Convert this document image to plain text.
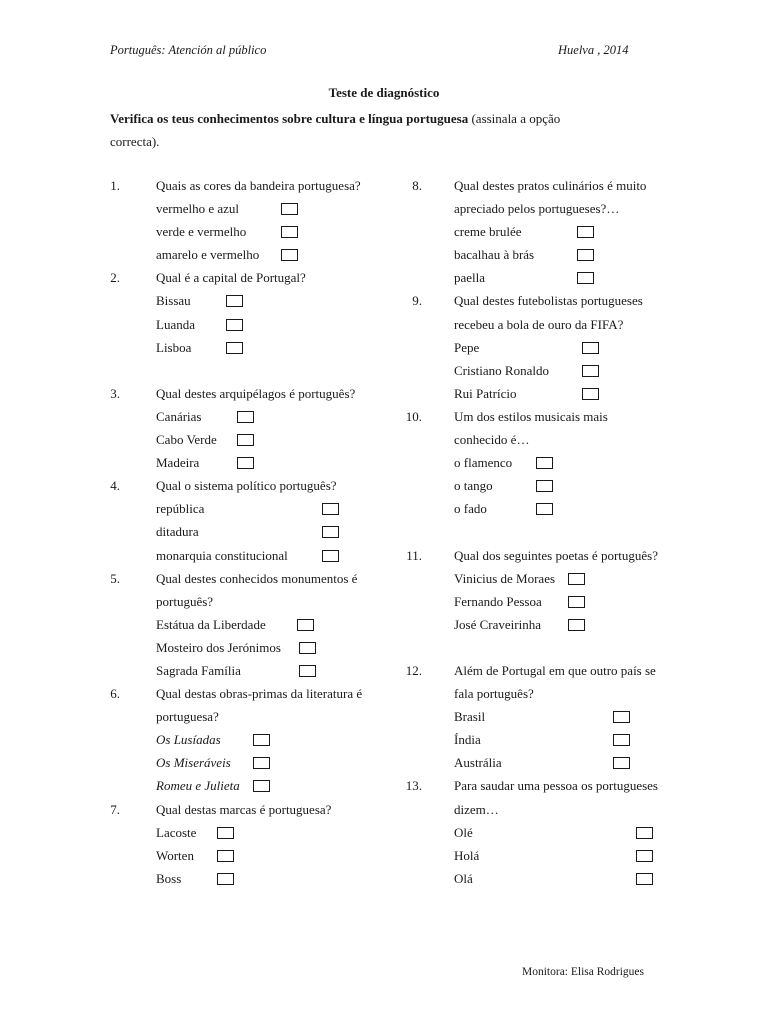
Português: Atención al público	Huelva , 2014
Teste de diagnóstico
Verifica os teus conhecimentos sobre cultura e língua portuguesa (assinala a opção
correcta).
1.	Quais as cores da bandeira portuguesa?
vermelho e azul
verde e vermelho
amarelo e vermelho
2.	Qual é a capital de Portugal?
Bissau
Luanda
Lisboa
3.	Qual destes arquipélagos é português?
Canárias
Cabo Verde
Madeira
4.	Qual o sistema político português?
república
ditadura
monarquia constitucional
5.	Qual destes conhecidos monumentos é
português?
Estátua da Liberdade
Mosteiro dos Jerónimos
Sagrada Família
6.	Qual destas obras-primas da literatura é
portuguesa?
Os Lusíadas
Os Miseráveis
Romeu e Julieta
7.	Qual destas marcas é portuguesa?
Lacoste
Worten
Boss
8. Qual destes pratos culinários é muito
apreciado pelos portugueses?…
creme brulée
bacalhau à brás
paella
9. Qual destes futebolistas portugueses
recebeu a bola de ouro da FIFA?
Pepe
Cristiano Ronaldo
Rui Patrício
10. Um dos estilos musicais mais
conhecido é…
o flamenco
o tango
o fado
11. Qual dos seguintes poetas é português?
Vinicius de Moraes
Fernando Pessoa
José Craveirinha
12. Além de Portugal em que outro país se
fala português?
Brasil
Índia
Austrália
13. Para saudar uma pessoa os portugueses
dizem…
Olé
Holá
Olá
Monitora: Elisa Rodrigues
